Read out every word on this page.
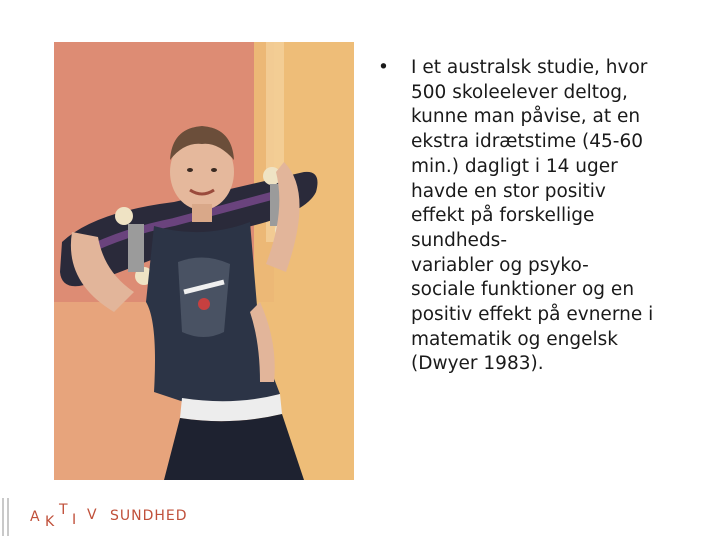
• I et australsk studie, hvor
500 skoleelever deltog,
kunne man påvise, at en
ekstra idrætstime (45-60
min.) dagligt i 14 uger
havde en stor positiv
effekt på forskellige
sundheds-
variabler og psyko-
sociale funktioner og en
positiv effekt på evnerne i
matematik og engelsk
(Dwyer 1983).
A K
T
I V SUNDHED
